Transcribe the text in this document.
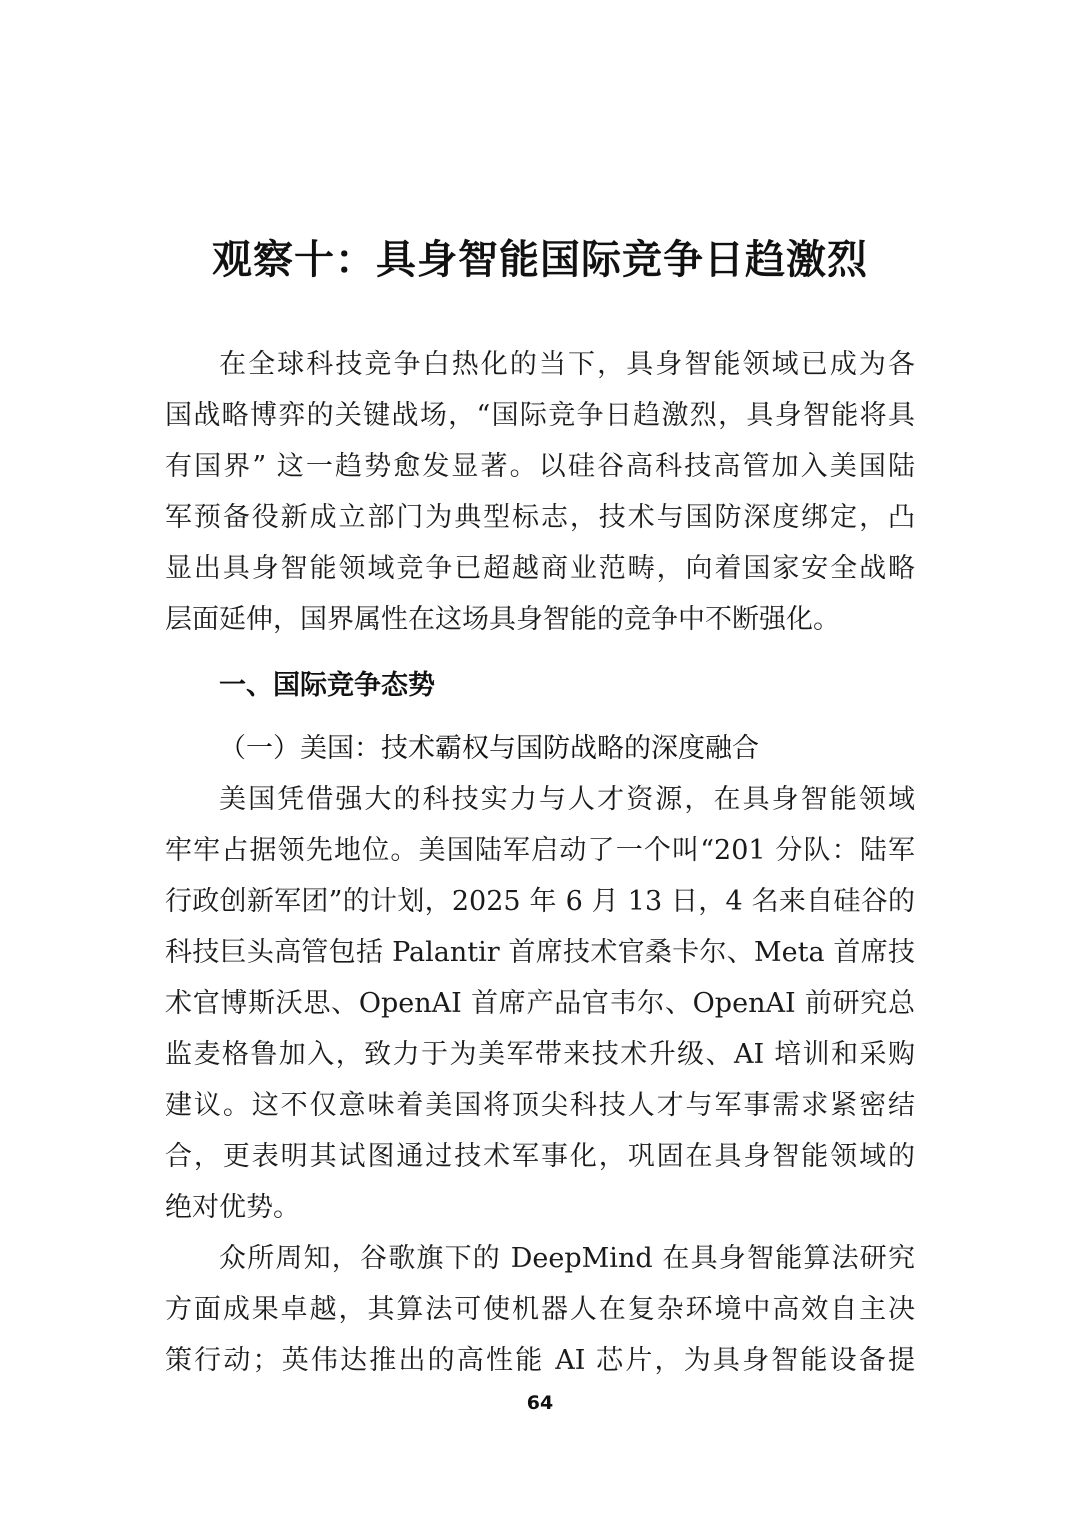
观察十：具身智能国际竞争日趋激烈
在全球科技竞争白热化的当下，具身智能领域已成为各
国战略博弈的关键战场，“国际竞争日趋激烈，具身智能将具
有国界” 这一趋势愈发显著。以硅谷高科技高管加入美国陆
军预备役新成立部门为典型标志，技术与国防深度绑定，凸
显出具身智能领域竞争已超越商业范畴，向着国家安全战略
层面延伸，国界属性在这场具身智能的竞争中不断强化。
一、国际竞争态势
（一）美国：技术霸权与国防战略的深度融合
美国凭借强大的科技实力与人才资源，在具身智能领域
牢牢占据领先地位。美国陆军启动了一个叫“201 分队：陆军
行政创新军团”的计划，2025 年 6 月 13 日，4 名来自硅谷的
科技巨头高管包括 Palantir 首席技术官桑卡尔、Meta 首席技
术官博斯沃思、OpenAI 首席产品官韦尔、OpenAI 前研究总
监麦格鲁加入，致力于为美军带来技术升级、AI 培训和采购
建议。这不仅意味着美国将顶尖科技人才与军事需求紧密结
合，更表明其试图通过技术军事化，巩固在具身智能领域的
绝对优势。
众所周知，谷歌旗下的 DeepMind 在具身智能算法研究
方面成果卓越，其算法可使机器人在复杂环境中高效自主决
策行动；英伟达推出的高性能 AI 芯片，为具身智能设备提
64
